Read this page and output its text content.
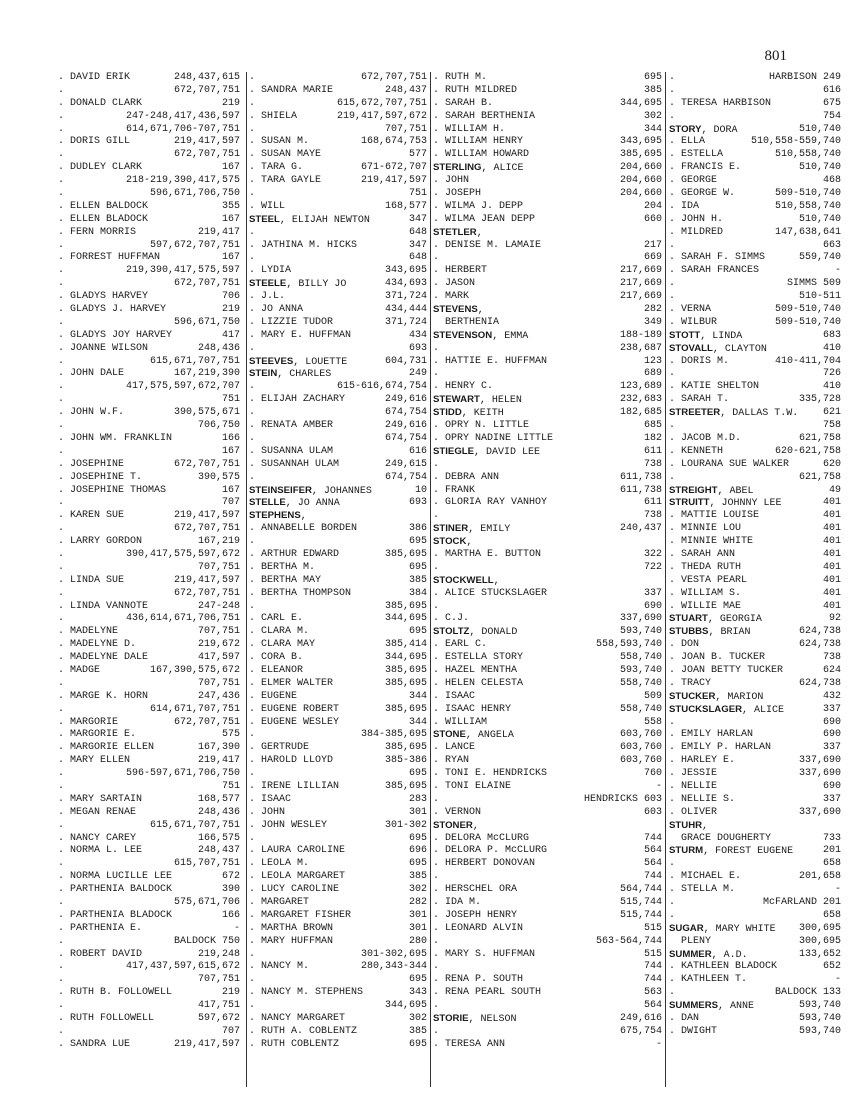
801
. DAVID ERIK	248,437,615
.	672,707,751
. DONALD CLARK	219
.	247-248,417,436,597
.	614,671,706-707,751
. DORIS GILL	219,417,597
.	672,707,751
. DUDLEY CLARK	167
.	218-219,390,417,575
.	596,671,706,750
. ELLEN BALDOCK	355
. ELLEN BLADOCK	167
. FERN MORRIS	219,417
.	597,672,707,751
. FORREST HUFFMAN	167
.	219,390,417,575,597
.	672,707,751
. GLADYS HARVEY	706
. GLADYS J. HARVEY	219
.	596,671,750
. GLADYS JOY HARVEY	417
. JOANNE WILSON	248,436
.	615,671,707,751
. JOHN DALE	167,219,390
.	417,575,597,672,707
.	751
. JOHN W.F.	390,575,671
.	706,750
. JOHN WM. FRANKLIN	166
.	167
. JOSEPHINE	672,707,751
. JOSEPHINE T.	390,575
. JOSEPHINE THOMAS	167
.	707
. KAREN SUE	219,417,597
.	672,707,751
. LARRY GORDON	167,219
.	390,417,575,597,672
.	707,751
. LINDA SUE	219,417,597
.	672,707,751
. LINDA VANNOTE	247-248
.	436,614,671,706,751
. MADELYNE	707,751
. MADELYNE D.	219,672
. MADELYNE DALE	417,597
. MADGE	167,390,575,672
.	707,751
. MARGE K. HORN	247,436
.	614,671,707,751
. MARGORIE	672,707,751
. MARGORIE E.	575
. MARGORIE ELLEN	167,390
. MARY ELLEN	219,417
.	596-597,671,706,750
.	751
. MARY SARTAIN	168,577
. MEGAN RENAE	248,436
.	615,671,707,751
. NANCY CAREY	166,575
. NORMA L. LEE	248,437
.	615,707,751
. NORMA LUCILLE LEE	672
. PARTHENIA BALDOCK	390
.	575,671,706
. PARTHENIA BLADOCK	166
. PARTHENIA E.	-
.	BALDOCK 750
. ROBERT DAVID	219,248
.	417,437,597,615,672
.	707,751
. RUTH B. FOLLOWELL	219
.	417,751
. RUTH FOLLOWELL	597,672
.	707
. SANDRA LUE	219,417,597
.	672,707,751
. SANDRA MARIE	248,437
.	615,672,707,751
. SHIELA	219,417,597,672
.	707,751
. SUSAN M.	168,674,753
. SUSAN MAYE	577
. TARA G.	671-672,707
. TARA GAYLE	219,417,597
.	751
. WILL	168,577
STEEL, ELIJAH NEWTON	347
.	648
. JATHINA M. HICKS	347
.	648
. LYDIA	343,695
STEELE, BILLY JO	434,693
. J.L.	371,724
. JO ANNA	434,444
. LIZZIE TUDOR	371,724
. MARY E. HUFFMAN	434
.	693
STEEVES, LOUETTE	604,731
STEIN, CHARLES	249
.	615-616,674,754
. ELIJAH ZACHARY	249,616
.	674,754
. RENATA AMBER	249,616
.	674,754
. SUSANNA ULAM	616
. SUSANNAH ULAM	249,615
.	674,754
STEINSEIFER, JOHANNES	10
STELLE, JO ANNA	693
STEPHENS,
. ANNABELLE BORDEN	386
.	695
. ARTHUR EDWARD	385,695
. BERTHA M.	695
. BERTHA MAY	385
. BERTHA THOMPSON	384
.	385,695
. CARL E.	344,695
. CLARA M.	695
. CLARA MAY	385,414
. CORA B.	344,695
. ELEANOR	385,695
. ELMER WALTER	385,695
. EUGENE	344
. EUGENE ROBERT	385,695
. EUGENE WESLEY	344
.	384-385,695
. GERTRUDE	385,695
. HAROLD LLOYD	385-386
.	695
. IRENE LILLIAN	385,695
. ISAAC	283
. JOHN	301
. JOHN WESLEY	301-302
.	695
. LAURA CAROLINE	696
. LEOLA M.	695
. LEOLA MARGARET	385
. LUCY CAROLINE	302
. MARGARET	282
. MARGARET FISHER	301
. MARTHA BROWN	301
. MARY HUFFMAN	280
.	301-302,695
. NANCY M.	280,343-344
.	695
. NANCY M. STEPHENS	343
.	344,695
. NANCY MARGARET	302
. RUTH A. COBLENTZ	385
. RUTH COBLENTZ	695
. RUTH M.	695
. RUTH MILDRED	385
. SARAH B.	344,695
. SARAH BERTHENIA	302
. WILLIAM H.	344
. WILLIAM HENRY	343,695
. WILLIAM HOWARD	385,695
STERLING, ALICE	204,660
. JOHN	204,660
. JOSEPH	204,660
. WILMA J. DEPP	204
. WILMA JEAN DEPP	660
STETLER,
. DENISE M. LAMAIE	217
.	669
. HERBERT	217,669
. JASON	217,669
. MARK	217,669
STEVENS,	282
BERTHENIA	349
STEVENSON, EMMA	188-189
.	238,687
. HATTIE E. HUFFMAN	123
.	689
. HENRY C.	123,689
STEWART, HELEN	232,683
STIDD, KEITH	182,685
. OPRY N. LITTLE	685
. OPRY NADINE LITTLE	182
STIEGLE, DAVID LEE	611
.	738
. DEBRA ANN	611,738
. FRANK	611,738
. GLORIA RAY VANHOY	611
.	738
STINER, EMILY	240,437
STOCK,
. MARTHA E. BUTTON	322
.	722
STOCKWELL,
. ALICE STUCKSLAGER	337
.	690
. C.J.	337,690
STOLTZ, DONALD	593,740
. EARL C.	558,593,740
. ESTELLA STORY	558,740
. HAZEL MENTHA	593,740
. HELEN CELESTA	558,740
. ISAAC	509
. ISAAC HENRY	558,740
. WILLIAM	558
STONE, ANGELA	603,760
. LANCE	603,760
. RYAN	603,760
. TONI E. HENDRICKS	760
. TONI ELAINE	-
.	HENDRICKS 603
. VERNON	603
STONER,
. DELORA McCLURG	744
. DELORA P. McCLURG	564
. HERBERT DONOVAN	564
.	744
. HERSCHEL ORA	564,744
. IDA M.	515,744
. JOSEPH HENRY	515,744
. LEONARD ALVIN	515
.	563-564,744
. MARY S. HUFFMAN	515
.	744
. RENA P. SOUTH	744
. RENA PEARL SOUTH	563
.	564
STORIE, NELSON	249,616
.	675,754
. TERESA ANN	-
.	HARBISON 249
.	616
. TERESA HARBISON	675
.	754
STORY, DORA	510,740
. ELLA	510,558-559,740
. ESTELLA	510,558,740
. FRANCIS E.	510,740
. GEORGE	468
. GEORGE W.	509-510,740
. IDA	510,558,740
. JOHN H.	510,740
. MILDRED	147,638,641
.	663
. SARAH F. SIMMS	559,740
. SARAH FRANCES	-
.	SIMMS 509
.	510-511
. VERNA	509-510,740
. WILBUR	509-510,740
STOTT, LINDA	683
STOVALL, CLAYTON	410
. DORIS M.	410-411,704
.	726
. KATIE SHELTON	410
. SARAH T.	335,728
STREETER, DALLAS T.W.	621
.	758
. JACOB M.D.	621,758
. KENNETH	620-621,758
. LOURANA SUE WALKER	620
.	621,758
STREIGHT, ABEL	49
STRUITT, JOHNNY LEE	401
. MATTIE LOUISE	401
. MINNIE LOU	401
. MINNIE WHITE	401
. SARAH ANN	401
. THEDA RUTH	401
. VESTA PEARL	401
. WILLIAM S.	401
. WILLIE MAE	401
STUART, GEORGIA	92
STUBBS, BRIAN	624,738
. DON	624,738
. JOAN B. TUCKER	738
. JOAN BETTY TUCKER	624
. TRACY	624,738
STUCKER, MARION	432
STUCKSLAGER, ALICE	337
.	690
. EMILY HARLAN	690
. EMILY P. HARLAN	337
. HARLEY E.	337,690
. JESSIE	337,690
. NELLIE	690
. NELLIE S.	337
. OLIVER	337,690
STUHR,
GRACE DOUGHERTY	733
STURM, FOREST EUGENE	201
.	658
. MICHAEL E.	201,658
. STELLA M.	-
.	McFARLAND 201
.	658
SUGAR, MARY WHITE	300,695
PLENY	300,695
SUMMER, A.D.	133,652
. KATHLEEN BLADOCK	652
. KATHLEEN T.	-
.	BALDOCK 133
SUMMERS, ANNE	593,740
. DAN	593,740
. DWIGHT	593,740
